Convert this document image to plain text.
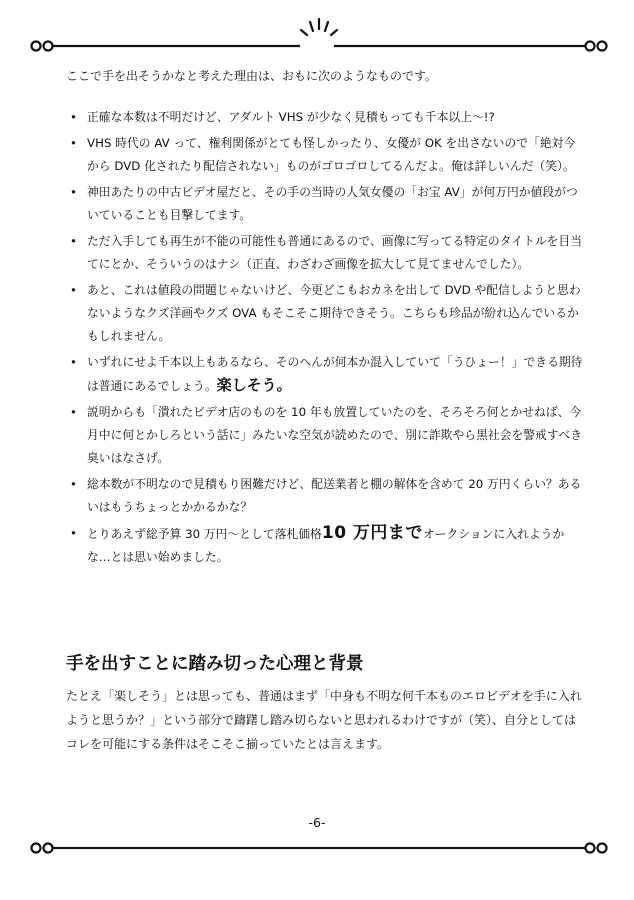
ここで手を出そうかなと考えた理由は、おもに次のようなものです。

• 正確な本数は不明だけど、アダルト VHS が少なく見積もっても千本以上～!?
• VHS 時代の AV って、権利関係がとても怪しかったり、女優が OK を出さないので「絶対今から DVD 化されたり配信されない」ものがゴロゴロしてるんだよ。俺は詳しいんだ（笑）。
• 神田あたりの中古ビデオ屋だと、その手の当時の人気女優の「お宝 AV」が何万円か値段がついていることも目撃してます。
• ただ入手しても再生が不能の可能性も普通にあるので、画像に写ってる特定のタイトルを目当てにとか、そういうのはナシ（正直、わざわざ画像を拡大して見てませんでした）。
• あと、これは値段の問題じゃないけど、今更どこもおカネを出して DVD や配信しようと思わないようなクズ洋画やクズ OVA もそこそこ期待できそう。こちらも珍品が紛れ込んでいるかもしれません。
• いずれにせよ千本以上もあるなら、そのへんが何本か混入していて「うひょー！」できる期待は普通にあるでしょう。楽しそう。
• 説明からも「潰れたビデオ店のものを 10 年も放置していたのを、そろそろ何とかせねば、今月中に何とかしろという話に」みたいな空気が読めたので、別に詐欺やら黒社会を警戒すべき臭いはなさげ。
• 総本数が不明なので見積もり困難だけど、配送業者と棚の解体を含めて 20 万円くらい？あるいはもうちょっとかかるかな？
• とりあえず総予算 30 万円～として落札価格10 万円までオークションに入れようかな…とは思い始めました。
手を出すことに踏み切った心理と背景

たとえ「楽しそう」とは思っても、普通はまず「中身も不明な何千本ものエロビデオを手に入れようと思うか？」という部分で躊躇し踏み切らないと思われるわけですが（笑）、自分としてはコレを可能にする条件はそこそこ揃っていたとは言えます。

-6-
